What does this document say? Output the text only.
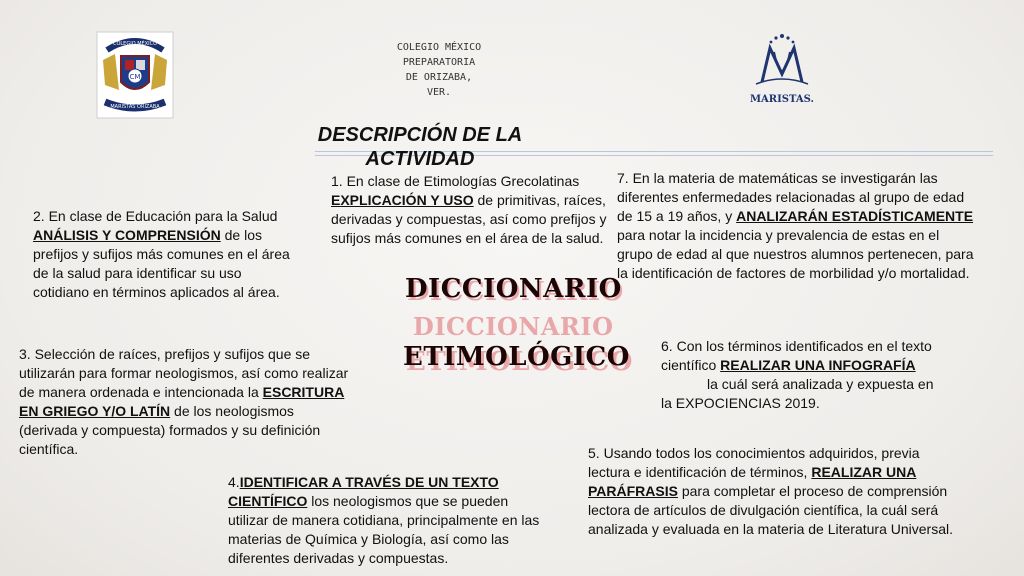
COLEGIO MÉXICO
CM
MARISTAS ORIZABA
COLEGIO MÉXICO
PREPARATORIA
DE ORIZABA,
VER.
MARISTAS.
DESCRIPCIÓN DE LA
ACTIVIDAD
1. En clase de Etimologías Grecolatinas EXPLICACIÓN Y USO de primitivas, raíces, derivadas y compuestas, así como prefijos y sufijos más comunes en el área de la salud.
2. En clase de Educación para la Salud ANÁLISIS Y COMPRENSIÓN de los prefijos y sufijos más comunes en el área de la salud para identificar su uso cotidiano en términos aplicados al área.
7. En la materia de matemáticas se investigarán las diferentes enfermedades relacionadas al grupo de edad de 15 a 19 años, y ANALIZARÁN ESTADÍSTICAMENTE para notar la incidencia y prevalencia de estas en el grupo de edad al que nuestros alumnos pertenecen, para la identificación de factores de morbilidad y/o mortalidad.
DICCIONARIO
DICCIONARIO
ETIMOLÓGICO
3. Selección de raíces, prefijos y sufijos que se utilizarán para formar neologismos, así como realizar de manera ordenada e intencionada la ESCRITURA EN GRIEGO Y/O LATÍN de los neologismos (derivada y compuesta) formados y su definición científica.
6. Con los términos identificados en el texto científico REALIZAR UNA INFOGRAFÍA
la cuál será analizada y expuesta en
la EXPOCIENCIAS 2019.
4.IDENTIFICAR A TRAVÉS DE UN TEXTO CIENTÍFICO los neologismos que se pueden utilizar de manera cotidiana, principalmente en las materias de Química y Biología, así como las diferentes derivadas y compuestas.
5. Usando todos los conocimientos adquiridos, previa lectura e identificación de términos, REALIZAR UNA PARÁFRASIS para completar el proceso de comprensión lectora de artículos de divulgación científica, la cuál será analizada y evaluada en la materia de Literatura Universal.
